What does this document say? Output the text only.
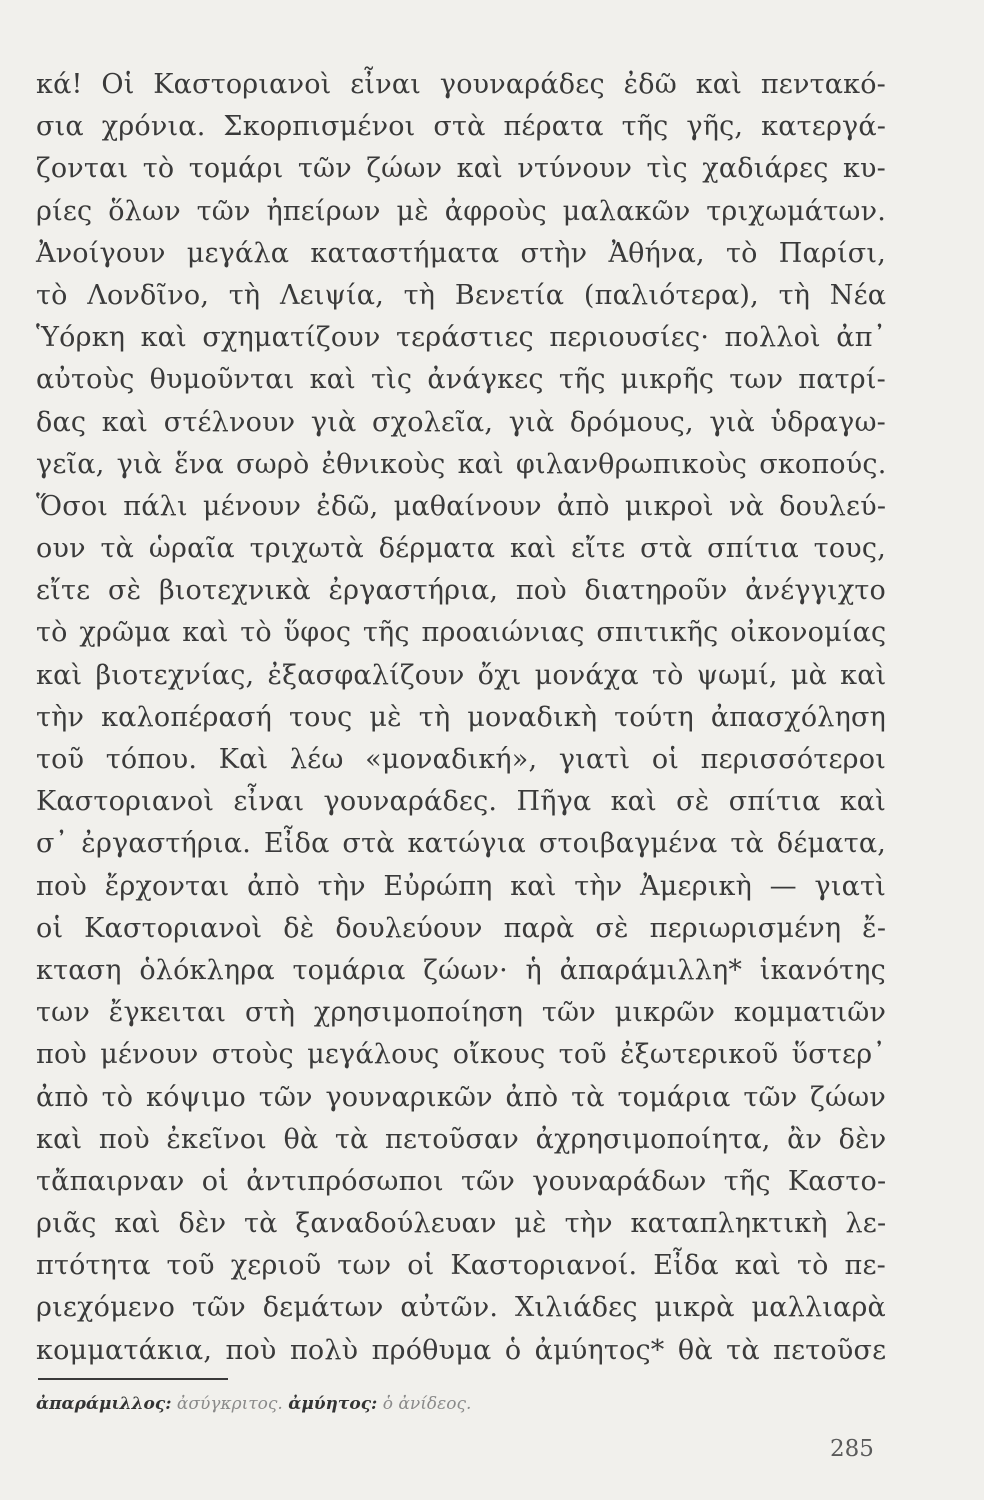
κά! Οἱ Καστοριανοὶ εἶναι γουναράδες ἐδῶ καὶ πεντακό-
σια χρόνια. Σκορπισμένοι στὰ πέρατα τῆς γῆς, κατεργά-
ζονται τὸ τομάρι τῶν ζώων καὶ ντύνουν τὶς χαδιάρες κυ-
ρίες ὅλων τῶν ἠπείρων μὲ ἀφροὺς μαλακῶν τριχωμάτων.
Ἀνοίγουν μεγάλα καταστήματα στὴν Ἀθήνα, τὸ Παρίσι,
τὸ Λονδῖνο, τὴ Λειψία, τὴ Βενετία (παλιότερα), τὴ Νέα
Ὑόρκη καὶ σχηματίζουν τεράστιες περιουσίες· πολλοὶ ἀπ᾿
αὐτοὺς θυμοῦνται καὶ τὶς ἀνάγκες τῆς μικρῆς των πατρί-
δας καὶ στέλνουν γιὰ σχολεῖα, γιὰ δρόμους, γιὰ ὑδραγω-
γεῖα, γιὰ ἕνα σωρὸ ἐθνικοὺς καὶ φιλανθρωπικοὺς σκοπούς.
Ὅσοι πάλι μένουν ἐδῶ, μαθαίνουν ἀπὸ μικροὶ νὰ δουλεύ-
ουν τὰ ὡραῖα τριχωτὰ δέρματα καὶ εἴτε στὰ σπίτια τους,
εἴτε σὲ βιοτεχνικὰ ἐργαστήρια, ποὺ διατηροῦν ἀνέγγιχτο
τὸ χρῶμα καὶ τὸ ὕφος τῆς προαιώνιας σπιτικῆς οἰκονομίας
καὶ βιοτεχνίας, ἐξασφαλίζουν ὄχι μονάχα τὸ ψωμί, μὰ καὶ
τὴν καλοπέρασή τους μὲ τὴ μοναδικὴ τούτη ἀπασχόληση
τοῦ τόπου. Καὶ λέω «μοναδική», γιατὶ οἱ περισσότεροι
Καστοριανοὶ εἶναι γουναράδες. Πῆγα καὶ σὲ σπίτια καὶ
σ᾿ ἐργαστήρια. Εἶδα στὰ κατώγια στοιβαγμένα τὰ δέματα,
ποὺ ἔρχονται ἀπὸ τὴν Εὐρώπη καὶ τὴν Ἀμερικὴ — γιατὶ
οἱ Καστοριανοὶ δὲ δουλεύουν παρὰ σὲ περιωρισμένη ἔ-
κταση ὁλόκληρα τομάρια ζώων· ἡ ἀπαράμιλλη* ἱκανότης
των ἔγκειται στὴ χρησιμοποίηση τῶν μικρῶν κομματιῶν
ποὺ μένουν στοὺς μεγάλους οἴκους τοῦ ἐξωτερικοῦ ὕστερ᾿
ἀπὸ τὸ κόψιμο τῶν γουναρικῶν ἀπὸ τὰ τομάρια τῶν ζώων
καὶ ποὺ ἐκεῖνοι θὰ τὰ πετοῦσαν ἀχρησιμοποίητα, ἂν δὲν
τἄπαιρναν οἱ ἀντιπρόσωποι τῶν γουναράδων τῆς Καστο-
ριᾶς καὶ δὲν τὰ ξαναδούλευαν μὲ τὴν καταπληκτικὴ λε-
πτότητα τοῦ χεριοῦ των οἱ Καστοριανοί. Εἶδα καὶ τὸ πε-
ριεχόμενο τῶν δεμάτων αὐτῶν. Χιλιάδες μικρὰ μαλλιαρὰ
κομματάκια, ποὺ πολὺ πρόθυμα ὁ ἀμύητος* θὰ τὰ πετοῦσε
ἀπαράμιλλος: ἀσύγκριτος. ἀμύητος: ὁ ἀνίδεος.
285
